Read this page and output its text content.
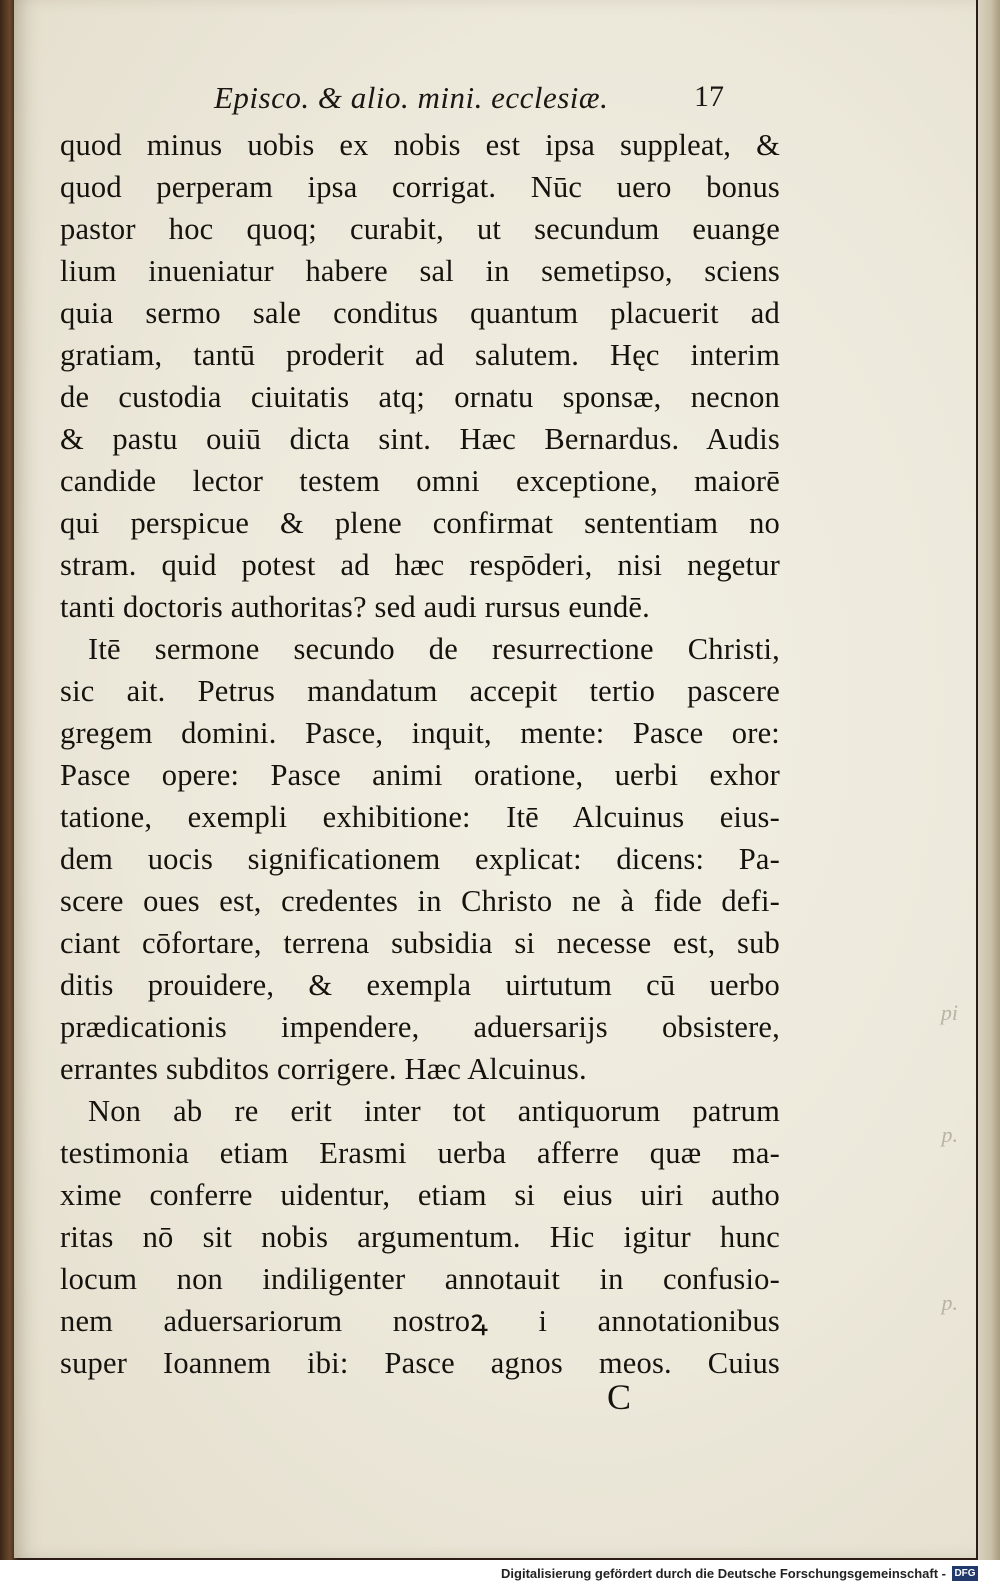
Episco. & alio. mini. ecclesiæ.	17
quod minus uobis ex nobis est ipsa suppleat, &
quod perperam ipsa corrigat. Nūc uero bonus
pastor hoc quoq; curabit, ut secundum euange
lium inueniatur habere sal in semetipso, sciens
quia sermo sale conditus quantum placuerit ad
gratiam, tantū proderit ad salutem. Hęc interim
de custodia ciuitatis atq; ornatu sponsæ, necnon
& pastu ouiū dicta sint. Hæc Bernardus. Audis
candide lector testem omni exceptione, maiorē
qui perspicue & plene confirmat sententiam no
stram. quid potest ad hæc respōderi, nisi negetur
tanti doctoris authoritas? sed audi rursus eundē.
Itē sermone secundo de resurrectione Christi,
sic ait. Petrus mandatum accepit tertio pascere
gregem domini. Pasce, inquit, mente: Pasce ore:
Pasce opere: Pasce animi oratione, uerbi exhor
tatione, exempli exhibitione: Itē Alcuinus eius-
dem uocis significationem explicat: dicens: Pa-
scere oues est, credentes in Christo ne à fide defi-
ciant cōfortare, terrena subsidia si necesse est, sub
ditis prouidere, & exempla uirtutum cū uerbo
prædicationis impendere, aduersarijs obsistere,
errantes subditos corrigere. Hæc Alcuinus.
Non ab re erit inter tot antiquorum patrum
testimonia etiam Erasmi uerba afferre quæ ma-
xime conferre uidentur, etiam si eius uiri autho
ritas nō sit nobis argumentum. Hic igitur hunc
locum non indiligenter annotauit in confusio-
nem aduersariorum nostroꝝ i annotationibus
super Ioannem ibi: Pasce agnos meos. Cuius
C
pi
p.
p.
Digitalisierung gefördert durch die Deutsche Forschungsgemeinschaft - DFG
